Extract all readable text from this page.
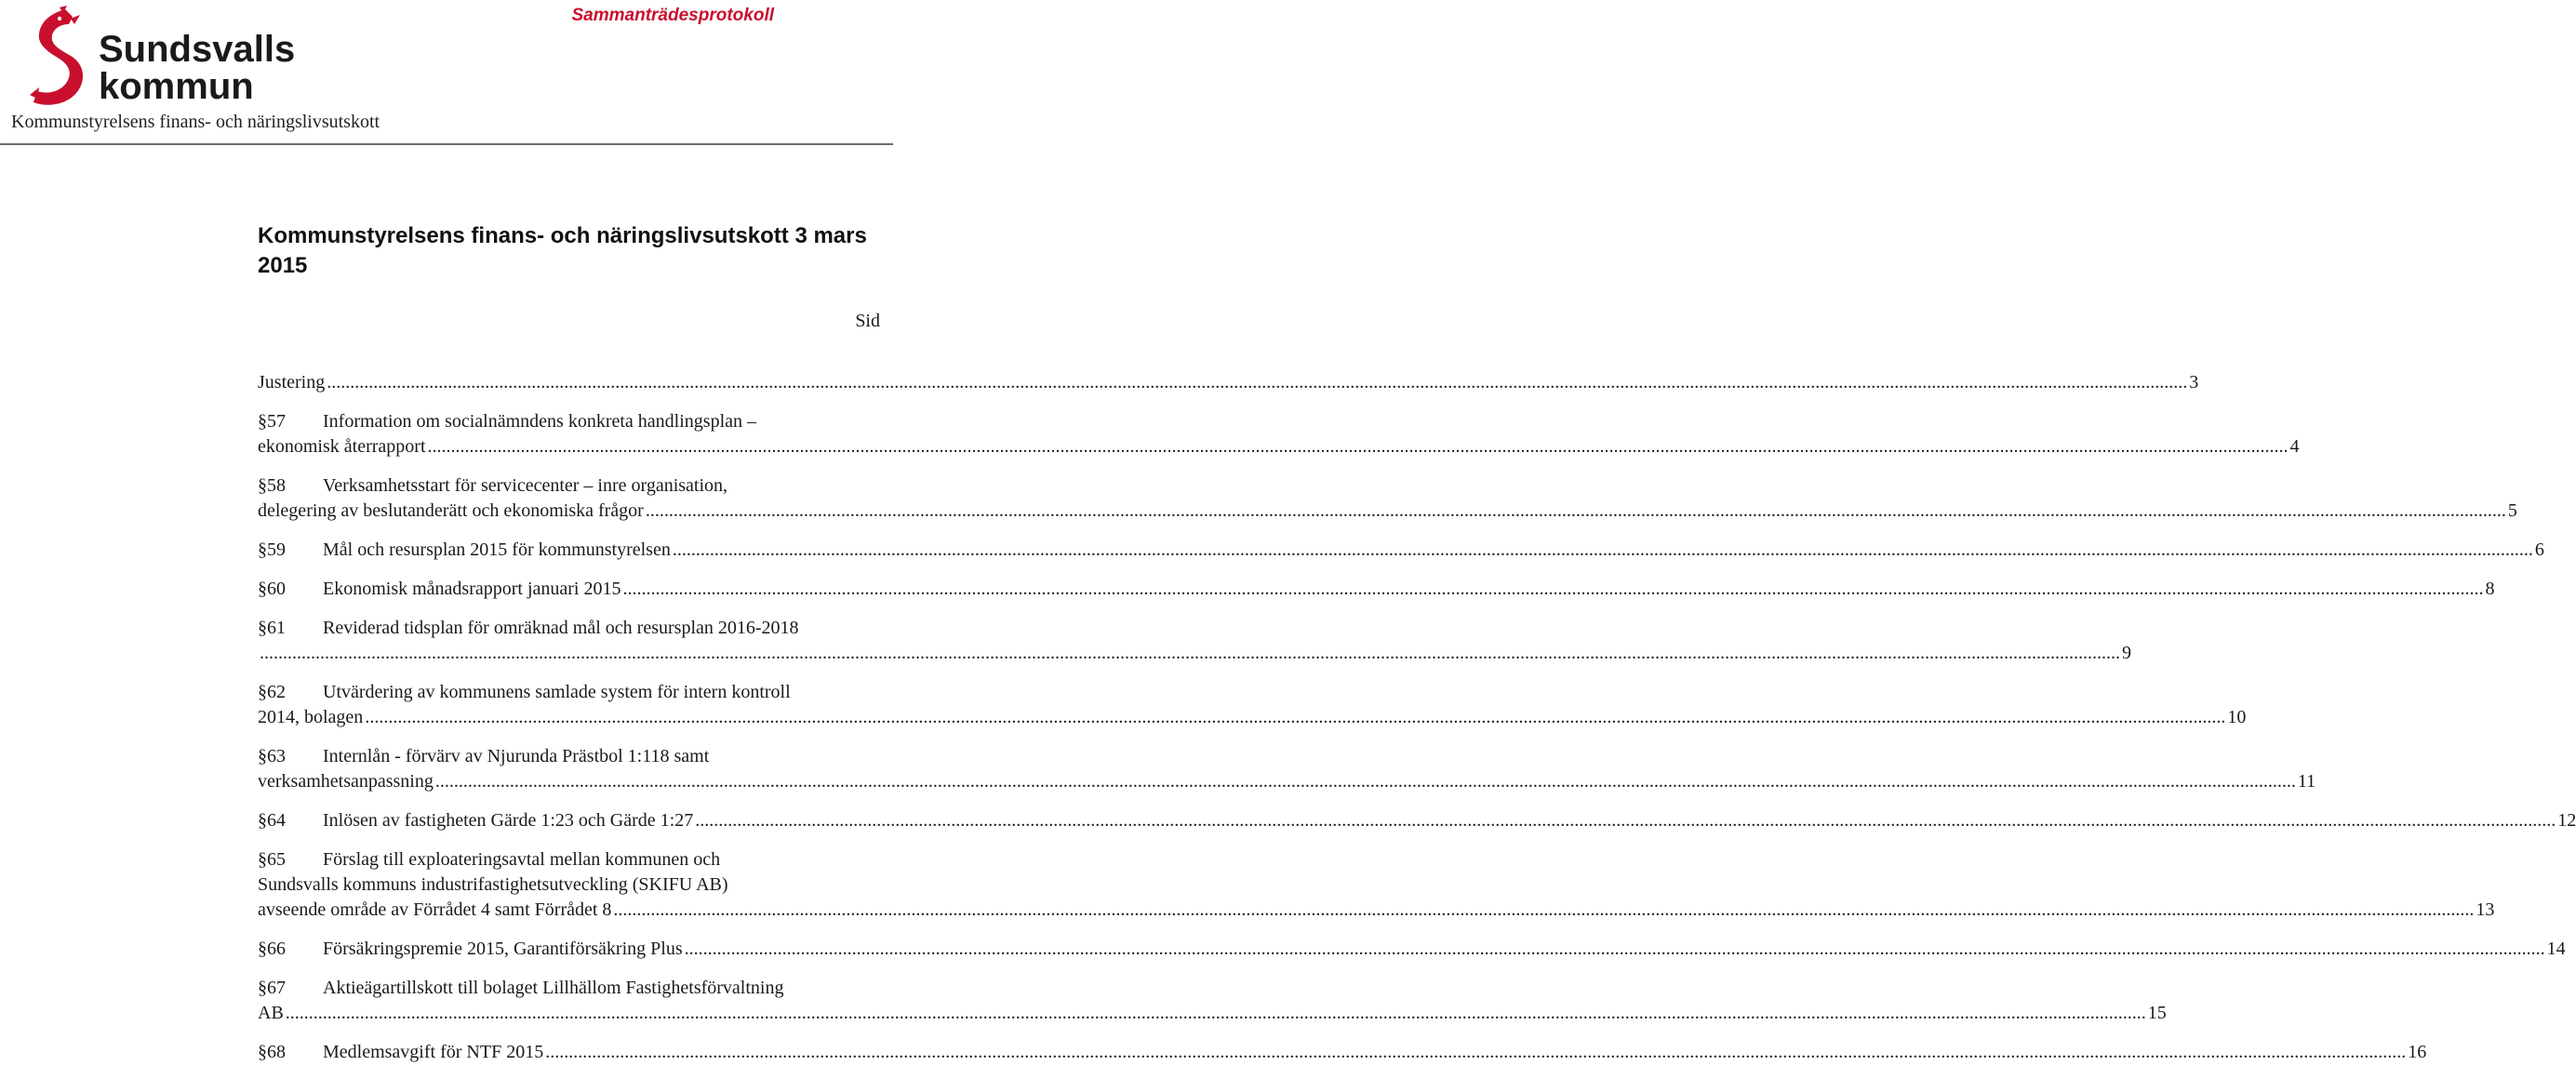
Sundsvalls
kommun
Sammanträdesprotokoll
Kommunstyrelsens finans- och näringslivsutskott
Kommunstyrelsens finans- och näringslivsutskott 3 mars 2015
Sid
Justering ................................................................................................................................................................................................................................................................................................................................................................................................................ 3
§57 Information om socialnämndens konkreta handlingsplan –
ekonomisk återrapport ................................................................................................................................................................................................................................................................................................................................................................................................................ 4
§58 Verksamhetsstart för servicecenter – inre organisation,
delegering av beslutanderätt och ekonomiska frågor ................................................................................................................................................................................................................................................................................................................................................................................................................ 5
§59 Mål och resursplan 2015 för kommunstyrelsen ................................................................................................................................................................................................................................................................................................................................................................................................................ 6
§60 Ekonomisk månadsrapport januari 2015 ................................................................................................................................................................................................................................................................................................................................................................................................................ 8
§61 Reviderad tidsplan för omräknad mål och resursplan 2016-2018
................................................................................................................................................................................................................................................................................................................................................................................................................ 9
§62 Utvärdering av kommunens samlade system för intern kontroll
2014, bolagen ................................................................................................................................................................................................................................................................................................................................................................................................................ 10
§63 Internlån - förvärv av Njurunda Prästbol 1:118 samt
verksamhetsanpassning ................................................................................................................................................................................................................................................................................................................................................................................................................ 11
§64 Inlösen av fastigheten Gärde 1:23 och Gärde 1:27 ................................................................................................................................................................................................................................................................................................................................................................................................................ 12
§65 Förslag till exploateringsavtal mellan kommunen och
Sundsvalls kommuns industrifastighetsutveckling (SKIFU AB)
avseende område av Förrådet 4 samt Förrådet 8 ................................................................................................................................................................................................................................................................................................................................................................................................................ 13
§66 Försäkringspremie 2015, Garantiförsäkring Plus ................................................................................................................................................................................................................................................................................................................................................................................................................ 14
§67 Aktieägartillskott till bolaget Lillhällom Fastighetsförvaltning
AB ................................................................................................................................................................................................................................................................................................................................................................................................................ 15
§68 Medlemsavgift för NTF 2015 ................................................................................................................................................................................................................................................................................................................................................................................................................ 16
